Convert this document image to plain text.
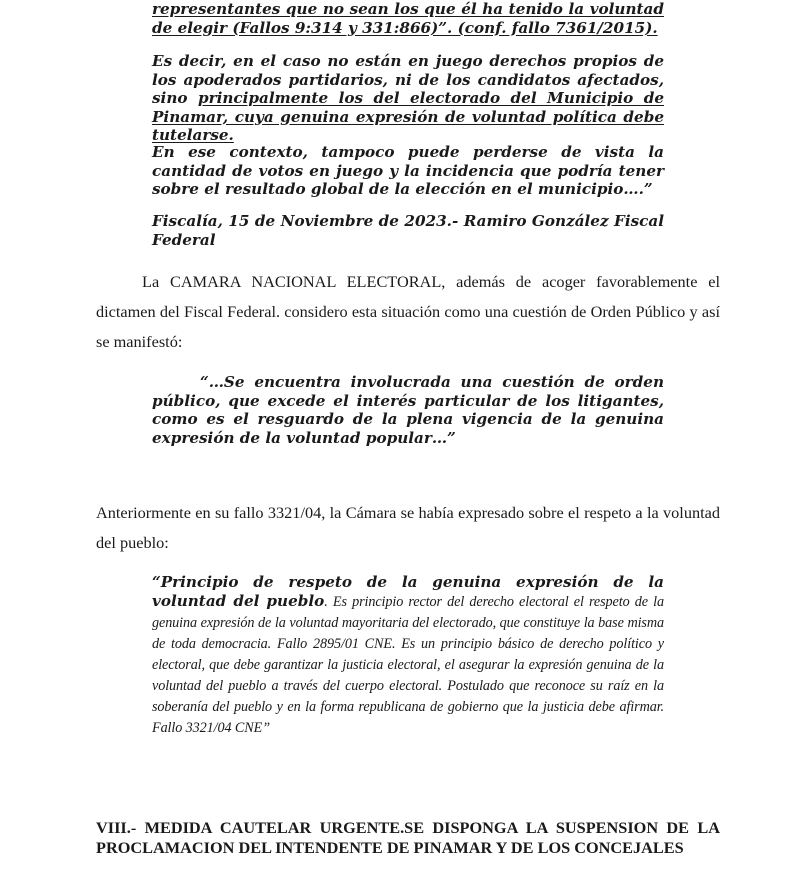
representantes que no sean los que él ha tenido la voluntad de elegir (Fallos 9:314 y 331:866)”. (conf. fallo 7361/2015).

Es decir, en el caso no están en juego derechos propios de los apoderados partidarios, ni de los candidatos afectados, sino principalmente los del electorado del Municipio de Pinamar, cuya genuina expresión de voluntad política debe tutelarse.

En ese contexto, tampoco puede perderse de vista la cantidad de votos en juego y la incidencia que podría tener sobre el resultado global de la elección en el municipio….”

Fiscalía, 15 de Noviembre de 2023.- Ramiro González Fiscal Federal

La CAMARA NACIONAL ELECTORAL, además de acoger favorablemente el dictamen del Fiscal Federal. considero esta situación como una cuestión de Orden Público y así se manifestó:

“…Se encuentra involucrada una cuestión de orden público, que excede el interés particular de los litigantes, como es el resguardo de la plena vigencia de la genuina expresión de la voluntad popular…”

Anteriormente en su fallo 3321/04, la Cámara se había expresado sobre el respeto a la voluntad del pueblo:

“Principio de respeto de la genuina expresión de la voluntad del pueblo. Es principio rector del derecho electoral el respeto de la genuina expresión de la voluntad mayoritaria del electorado, que constituye la base misma de toda democracia. Fallo 2895/01 CNE. Es un principio básico de derecho político y electoral, que debe garantizar la justicia electoral, el asegurar la expresión genuina de la voluntad del pueblo a través del cuerpo electoral. Postulado que reconoce su raíz en la soberanía del pueblo y en la forma republicana de gobierno que la justicia debe afirmar. Fallo 3321/04 CNE”

VIII.- MEDIDA CAUTELAR URGENTE.SE DISPONGA LA SUSPENSION DE LA PROCLAMACION DEL INTENDENTE DE PINAMAR Y DE LOS CONCEJALES
